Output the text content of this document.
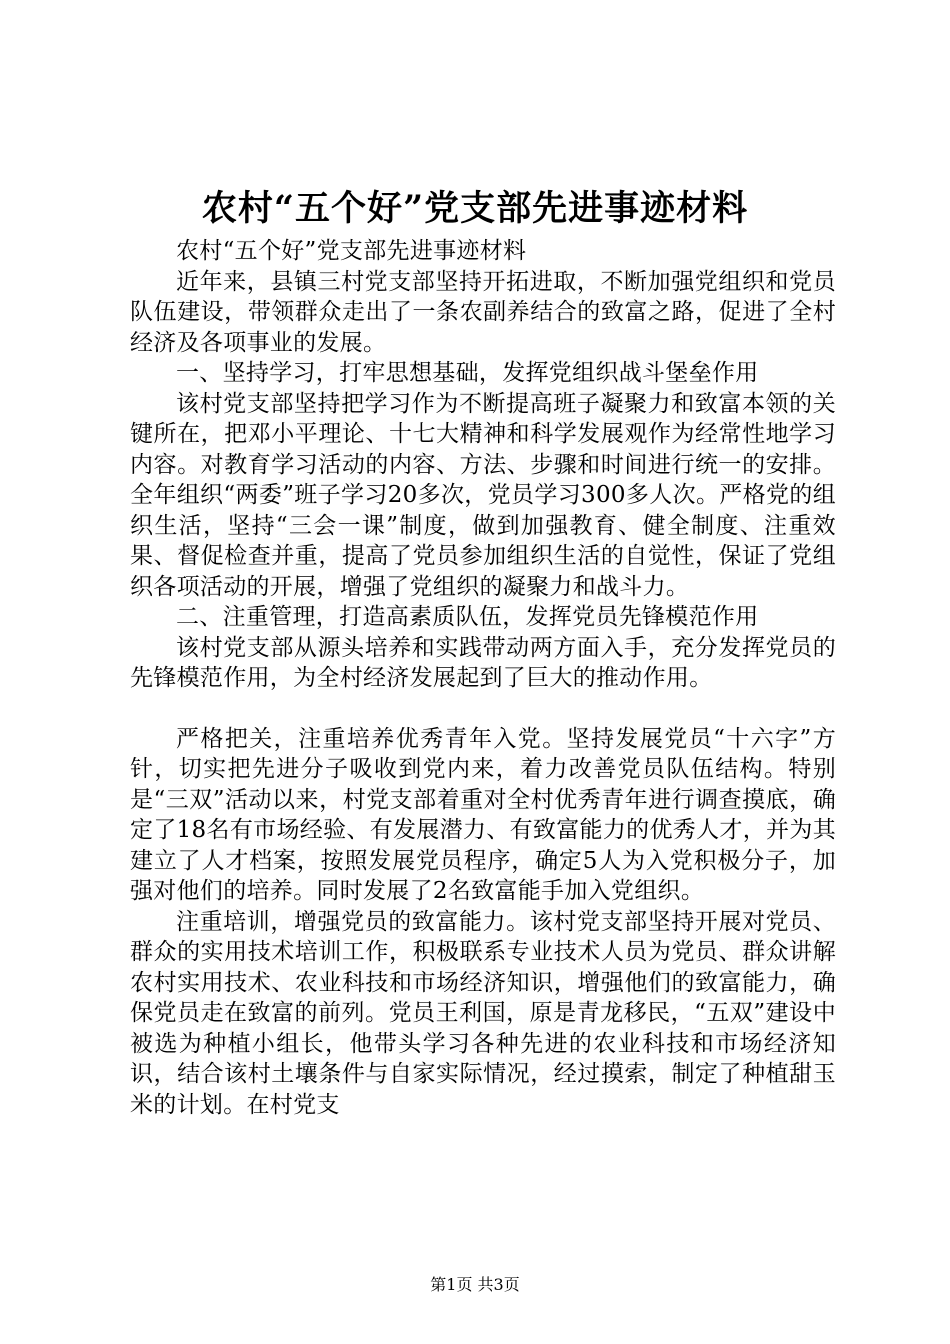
农村“五个好”党支部先进事迹材料

农村“五个好”党支部先进事迹材料

近年来，县镇三村党支部坚持开拓进取，不断加强党组织和党员队伍建设，带领群众走出了一条农副养结合的致富之路，促进了全村经济及各项事业的发展。

一、坚持学习，打牢思想基础，发挥党组织战斗堡垒作用

该村党支部坚持把学习作为不断提高班子凝聚力和致富本领的关键所在，把邓小平理论、十七大精神和科学发展观作为经常性地学习内容。对教育学习活动的内容、方法、步骤和时间进行统一的安排。全年组织“两委”班子学习20多次，党员学习300多人次。严格党的组织生活，坚持“三会一课”制度，做到加强教育、健全制度、注重效果、督促检查并重，提高了党员参加组织生活的自觉性，保证了党组织各项活动的开展，增强了党组织的凝聚力和战斗力。

二、注重管理，打造高素质队伍，发挥党员先锋模范作用

该村党支部从源头培养和实践带动两方面入手，充分发挥党员的先锋模范作用，为全村经济发展起到了巨大的推动作用。

严格把关，注重培养优秀青年入党。坚持发展党员“十六字”方针，切实把先进分子吸收到党内来，着力改善党员队伍结构。特别是“三双”活动以来，村党支部着重对全村优秀青年进行调查摸底，确定了18名有市场经验、有发展潜力、有致富能力的优秀人才，并为其建立了人才档案，按照发展党员程序，确定5人为入党积极分子，加强对他们的培养。同时发展了2名致富能手加入党组织。

注重培训，增强党员的致富能力。该村党支部坚持开展对党员、群众的实用技术培训工作，积极联系专业技术人员为党员、群众讲解农村实用技术、农业科技和市场经济知识，增强他们的致富能力，确保党员走在致富的前列。党员王利国，原是青龙移民，“五双”建设中被选为种植小组长，他带头学习各种先进的农业科技和市场经济知识，结合该村土壤条件与自家实际情况，经过摸索，制定了种植甜玉米的计划。在村党支

第1页 共3页
